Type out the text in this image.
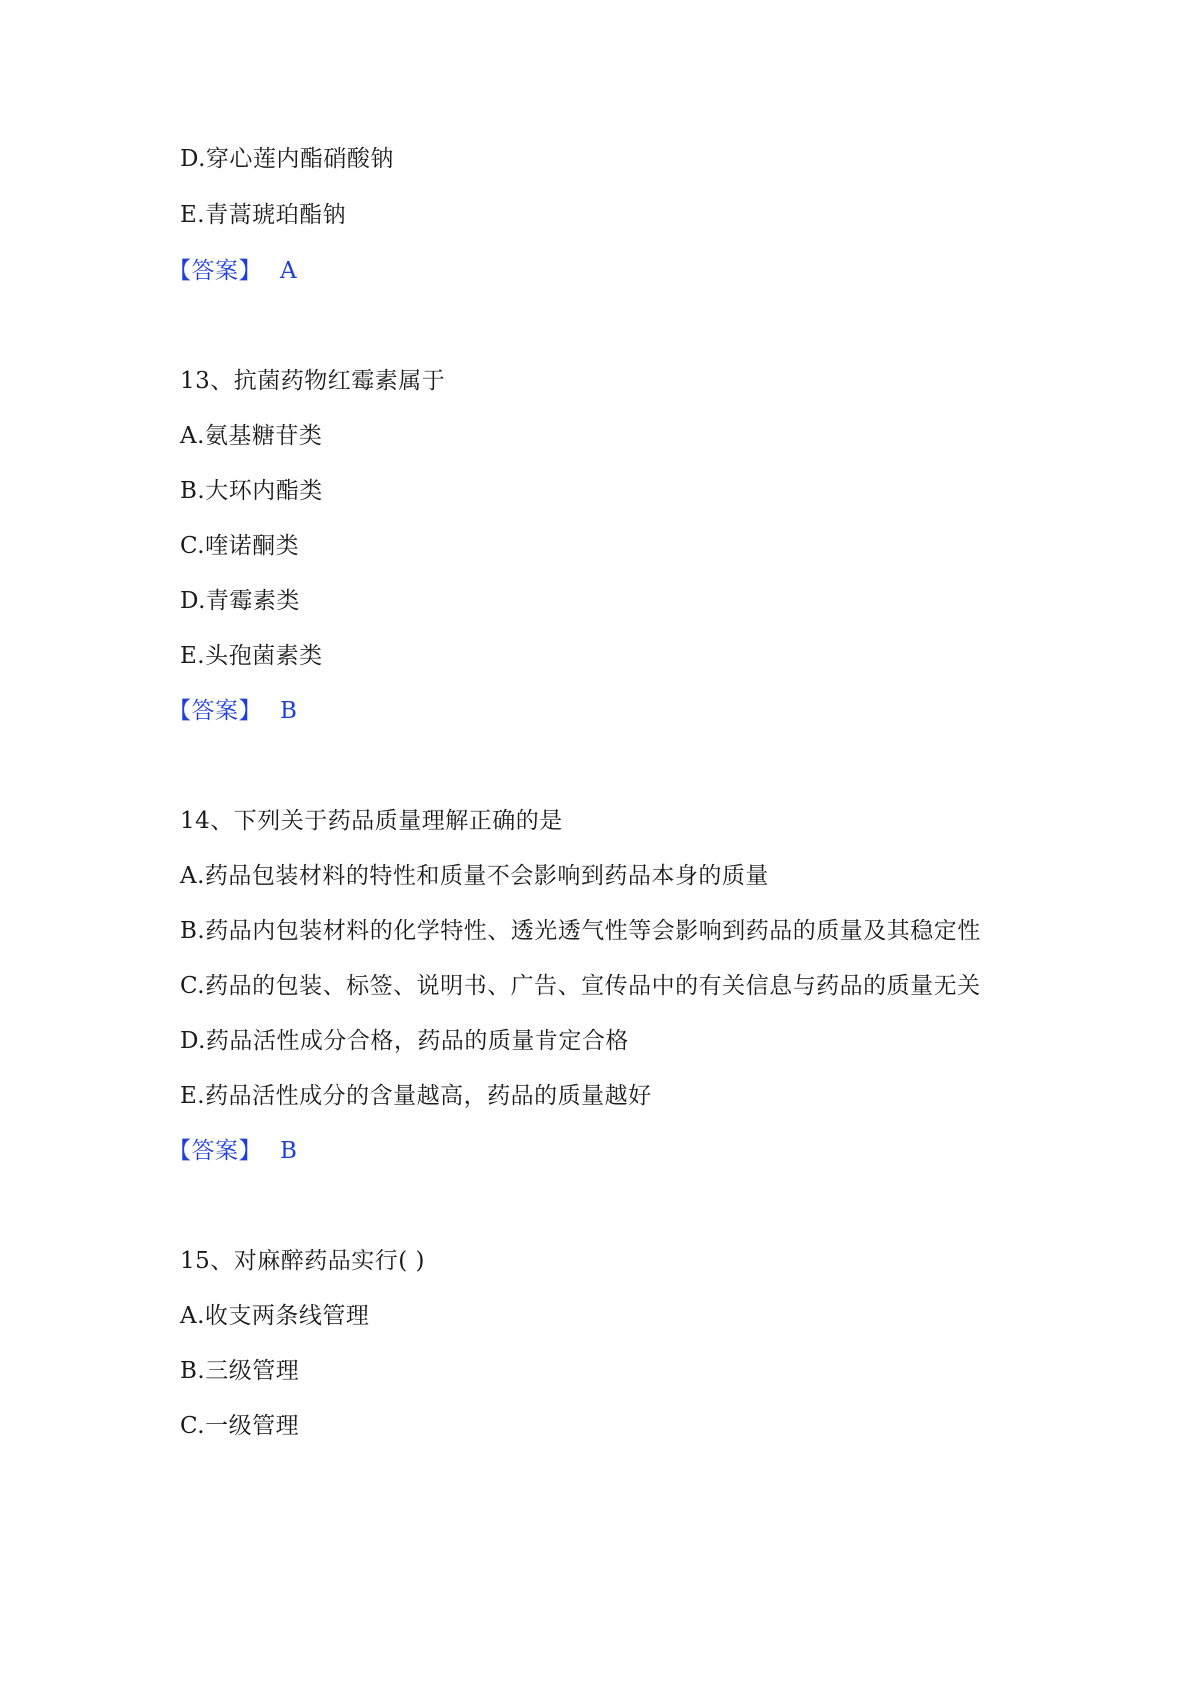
D.穿心莲内酯硝酸钠
E.青蒿琥珀酯钠
【答案】 A
13、抗菌药物红霉素属于
A.氨基糖苷类
B.大环内酯类
C.喹诺酮类
D.青霉素类
E.头孢菌素类
【答案】 B
14、下列关于药品质量理解正确的是
A.药品包装材料的特性和质量不会影响到药品本身的质量
B.药品内包装材料的化学特性、透光透气性等会影响到药品的质量及其稳定性
C.药品的包装、标签、说明书、广告、宣传品中的有关信息与药品的质量无关
D.药品活性成分合格，药品的质量肯定合格
E.药品活性成分的含量越高，药品的质量越好
【答案】 B
15、对麻醉药品实行( )
A.收支两条线管理
B.三级管理
C.一级管理
